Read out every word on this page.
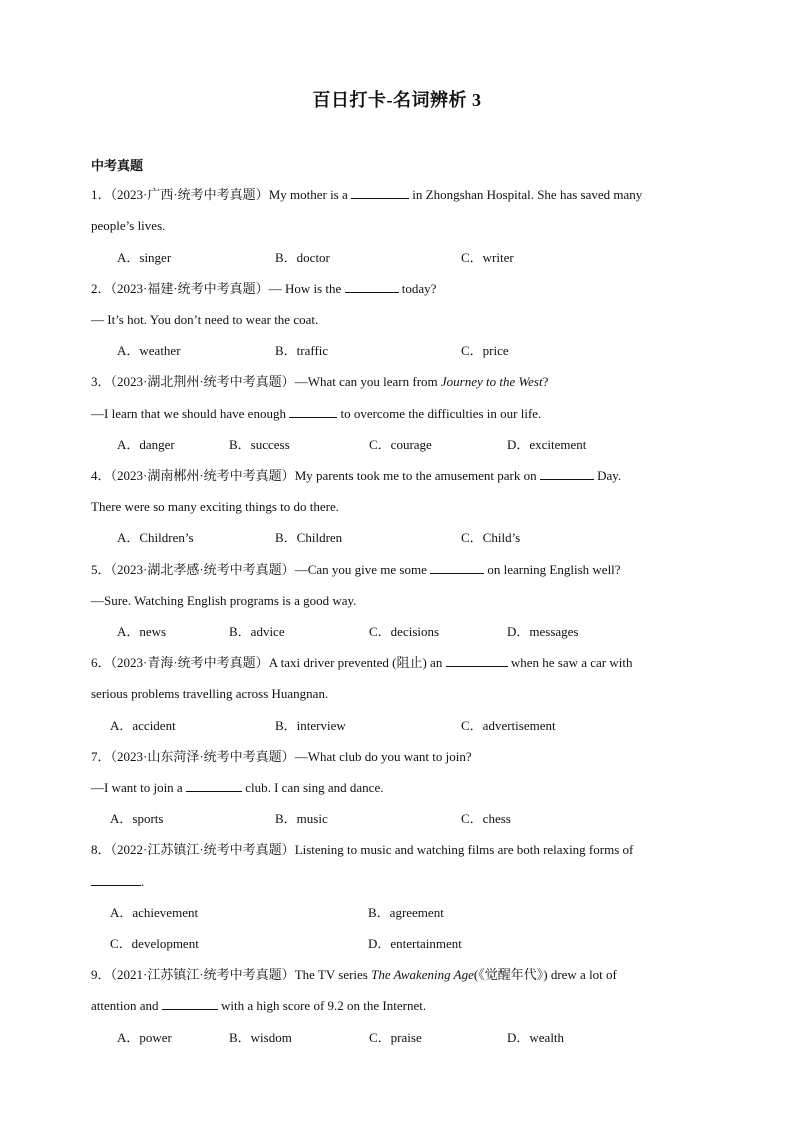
百日打卡-名词辨析 3
中考真题
1．（2023·广西·统考中考真题）My mother is a	in Zhongshan Hospital. She has saved many
people’s lives.
A．singer	B．doctor	C．writer
2．（2023·福建·统考中考真题）— How is the	today?
— It’s hot. You don’t need to wear the coat.
A．weather	B．traffic	C．price
3．（2023·湖北荆州·统考中考真题）—What can you learn from Journey to the West?
—I learn that we should have enough	to overcome the difficulties in our life.
A．danger	B．success	C．courage	D．excitement
4．（2023·湖南郴州·统考中考真题）My parents took me to the amusement park on	Day.
There were so many exciting things to do there.
A．Children’s	B．Children	C．Child’s
5．（2023·湖北孝感·统考中考真题）—Can you give me some	on learning English well?
—Sure. Watching English programs is a good way.
A．news	B．advice	C．decisions	D．messages
6．（2023·青海·统考中考真题）A taxi driver prevented (阻止) an	when he saw a car with
serious problems travelling across Huangnan.
A．accident	B．interview	C．advertisement
7．（2023·山东菏泽·统考中考真题）—What club do you want to join?
—I want to join a	club. I can sing and dance.
A．sports	B．music	C．chess
8．（2022·江苏镇江·统考中考真题）Listening to music and watching films are both relaxing forms of
.
A．achievement	B．agreement
C．development	D．entertainment
9．（2021·江苏镇江·统考中考真题）The TV series The Awakening Age(《觉醒年代》) drew a lot of
attention and	with a high score of 9.2 on the Internet.
A．power	B．wisdom	C．praise	D．wealth
